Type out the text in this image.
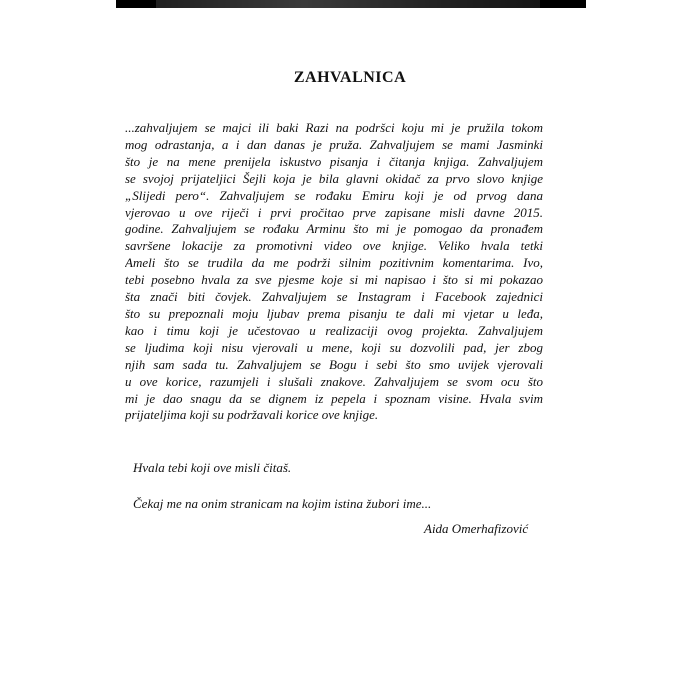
ZAHVALNICA
...zahvaljujem se majci ili baki Razi na podršci koju mi je pružila tokom
mog odrastanja, a i dan danas je pruža. Zahvaljujem se mami Jasminki
što je na mene prenijela iskustvo pisanja i čitanja knjiga. Zahvaljujem
se svojoj prijateljici Šejli koja je bila glavni okidač za prvo slovo knjige
„Slijedi pero“. Zahvaljujem se rođaku Emiru koji je od prvog dana
vjerovao u ove riječi i prvi pročitao prve zapisane misli davne 2015.
godine. Zahvaljujem se rođaku Arminu što mi je pomogao da pronađem
savršene lokacije za promotivni video ove knjige. Veliko hvala tetki
Ameli što se trudila da me podrži silnim pozitivnim komentarima. Ivo,
tebi posebno hvala za sve pjesme koje si mi napisao i što si mi pokazao
šta znači biti čovjek. Zahvaljujem se Instagram i Facebook zajednici
što su prepoznali moju ljubav prema pisanju te dali mi vjetar u leđa,
kao i timu koji je učestovao u realizaciji ovog projekta. Zahvaljujem
se ljudima koji nisu vjerovali u mene, koji su dozvolili pad, jer zbog
njih sam sada tu. Zahvaljujem se Bogu i sebi što smo uvijek vjerovali
u ove korice, razumjeli i slušali znakove. Zahvaljujem se svom ocu što
mi je dao snagu da se dignem iz pepela i spoznam visine. Hvala svim
prijateljima koji su podržavali korice ove knjige.

Hvala tebi koji ove misli čitaš.

Čekaj me na onim stranicam na kojim istina žubori ime...

Aida Omerhafizović
